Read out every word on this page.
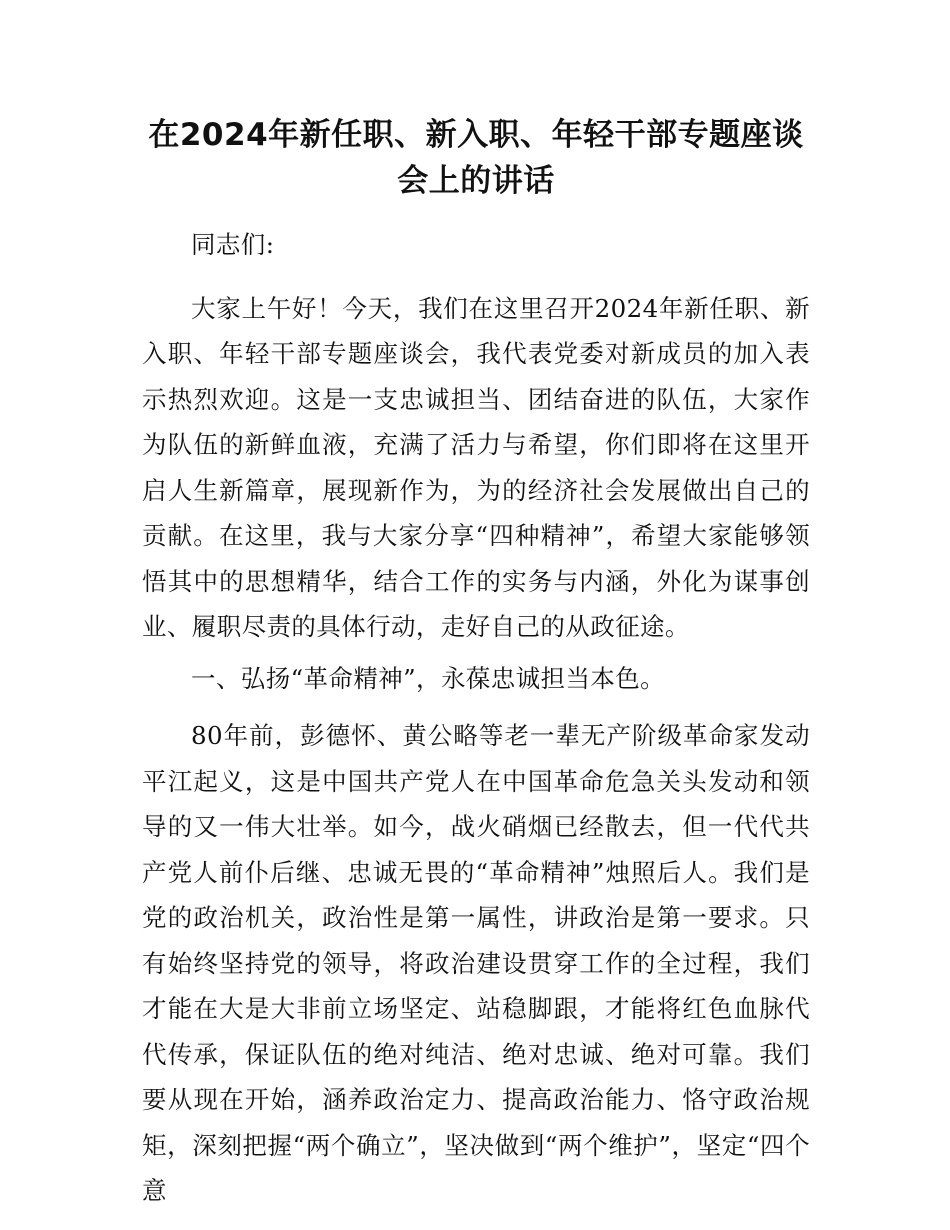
在2024年新任职、新入职、年轻干部专题座谈会上的讲话

同志们:

大家上午好！今天，我们在这里召开2024年新任职、新入职、年轻干部专题座谈会，我代表党委对新成员的加入表示热烈欢迎。这是一支忠诚担当、团结奋进的队伍，大家作为队伍的新鲜血液，充满了活力与希望，你们即将在这里开启人生新篇章，展现新作为，为的经济社会发展做出自己的贡献。在这里，我与大家分享“四种精神”，希望大家能够领悟其中的思想精华，结合工作的实务与内涵，外化为谋事创业、履职尽责的具体行动，走好自己的从政征途。

一、弘扬“革命精神”，永葆忠诚担当本色。

80年前，彭德怀、黄公略等老一辈无产阶级革命家发动平江起义，这是中国共产党人在中国革命危急关头发动和领导的又一伟大壮举。如今，战火硝烟已经散去，但一代代共产党人前仆后继、忠诚无畏的“革命精神”烛照后人。我们是党的政治机关，政治性是第一属性，讲政治是第一要求。只有始终坚持党的领导，将政治建设贯穿工作的全过程，我们才能在大是大非前立场坚定、站稳脚跟，才能将红色血脉代代传承，保证队伍的绝对纯洁、绝对忠诚、绝对可靠。我们要从现在开始，涵养政治定力、提高政治能力、恪守政治规矩，深刻把握“两个确立”，坚决做到“两个维护”，坚定“四个意
